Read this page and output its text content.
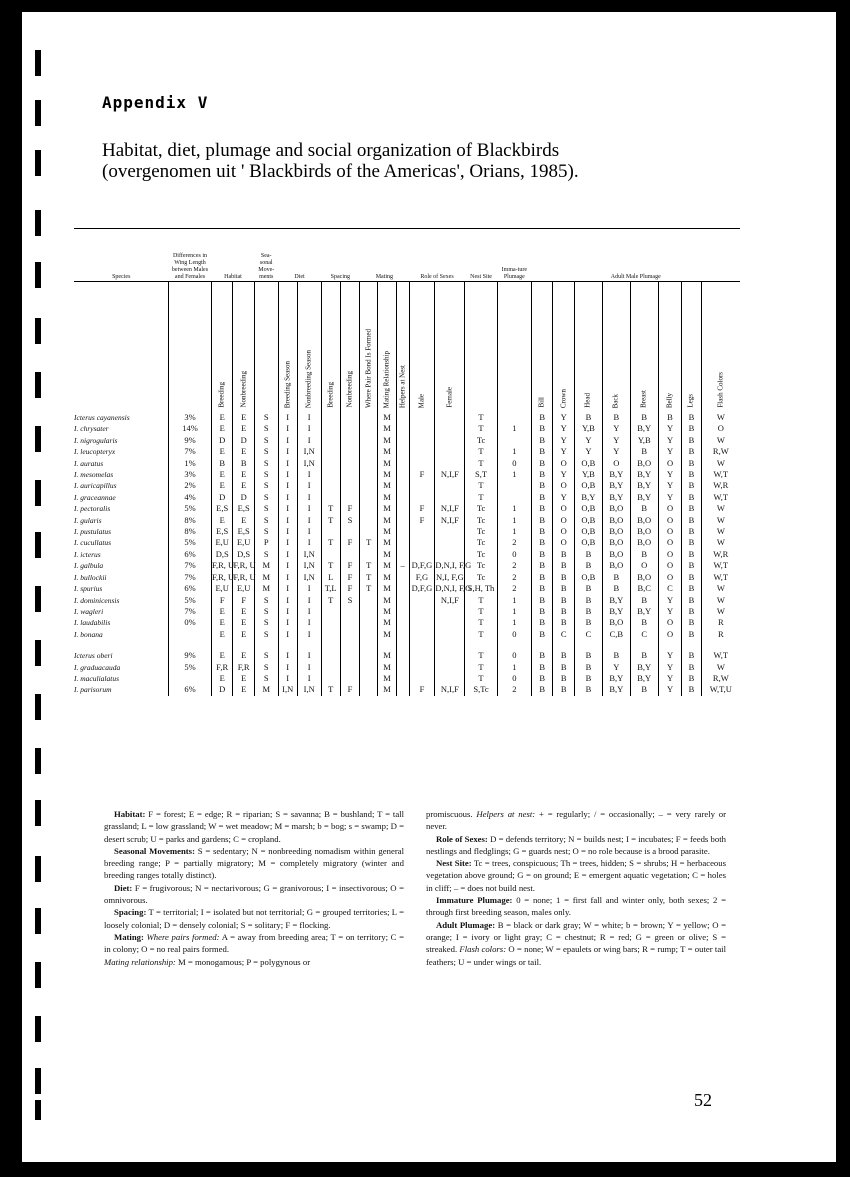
Appendix V
Habitat, diet, plumage and social organization of Blackbirds
(overgenomen uit ' Blackbirds of the Americas', Orians, 1985).
Species	Differences in Wing Length between Males and Females	Habitat		Sea-sonal Move-ments	Diet		Spacing		Mating			Role of Sexes		Nest Site	Imma-ture Plumage	Adult Male Plumage							

		Breeding	Nonbreeding		Breeding Season	Nonbreeding Season	Breeding	Nonbreeding	Where Pair Bond Is Formed	Mating Relationship	Helpers at Nest	Male	Female			Bill	Crown	Head	Back	Breast	Belly	Legs	Flash Colors

Icterus cayanensis	3%	E	E	S	I	I				M				T		B	Y	B	B	B	B	B	W
I. chrysater	14%	E	E	S	I	I				M				T	1	B	Y	Y,B	Y	B,Y	Y	B	O
I. nigrogularis	9%	D	D	S	I	I				M				Tc		B	Y	Y	Y	Y,B	Y	B	W
I. leucopteryx	7%	E	E	S	I	I,N				M				T	1	B	Y	Y	Y	B	Y	B	R,W
I. auratus	1%	B	B	S	I	I,N				M				T	0	B	O	O,B	O	B,O	O	B	W
I. mesomelas	3%	E	E	S	I	I				M		F	N,I,F	S,T	1	B	Y	Y,B	B,Y	B,Y	Y	B	W,T
I. auricapillus	2%	E	E	S	I	I				M				T		B	O	O,B	B,Y	B,Y	Y	B	W,R
I. graceannae	4%	D	D	S	I	I				M				T		B	Y	B,Y	B,Y	B,Y	Y	B	W,T
I. pectoralis	5%	E,S	E,S	S	I	I	T	F		M		F	N,I,F	Tc	1	B	O	O,B	B,O	B	O	B	W
I. gularis	8%	E	E	S	I	I	T	S		M		F	N,I,F	Tc	1	B	O	O,B	B,O	B,O	O	B	W
I. pustulatus	8%	E,S	E,S	S	I	I				M				Tc	1	B	O	O,B	B,O	B,O	O	B	W
I. cucullatus	5%	E,U	E,U	P	I	I	T	F	T	M				Tc	2	B	O	O,B	B,O	B,O	O	B	W
I. icterus	6%	D,S	D,S	S	I	I,N				M				Tc	0	B	B	B	B,O	B	O	B	W,R
I. galbula	7%	F,R, U	F,R, U	M	I	I,N	T	F	T	M	–	D,F,G	D,N,I, F,G	Tc	2	B	B	B	B,O	O	O	B	W,T
I. bullockii	7%	F,R, U	F,R, U	M	I	I,N	L	F	T	M		F,G	N,I, F,G	Tc	2	B	B	O,B	B	B,O	O	B	W,T
I. spurius	6%	E,U	E,U	M	I	I	T,L	F	T	M		D,F,G	D,N,I, F,G	S,H, Th	2	B	B	B	B	B,C	C	B	W
I. dominicensis	5%	F	F	S	I	I	T	S		M			N,I,F	T	1	B	B	B	B,Y	B	Y	B	W
I. wagleri	7%	E	E	S	I	I				M				T	1	B	B	B	B,Y	B,Y	Y	B	W
I. laudabilis	0%	E	E	S	I	I				M				T	1	B	B	B	B,O	B	O	B	R
I. bonana		E	E	S	I	I				M				T	0	B	C	C	C,B	C	O	B	R

Icterus oberi	9%	E	E	S	I	I				M				T	0	B	B	B	B	B	Y	B	W,T
I. graduacauda	5%	F,R	F,R	S	I	I				M				T	1	B	B	B	Y	B,Y	Y	B	W
I. maculialatus		E	E	S	I	I				M				T	0	B	B	B	B,Y	B,Y	Y	B	R,W
I. parisorum	6%	D	E	M	I,N	I,N	T	F		M		F	N,I,F	S,Tc	2	B	B	B	B,Y	B	Y	B	W,T,U

Habitat: F = forest; E = edge; R = riparian; S = savanna; B = bushland; T = tall grassland; L = low grassland; W = wet meadow; M = marsh; b = bog; s = swamp; D = desert scrub; U = parks and gardens; C = cropland.

Seasonal Movements: S = sedentary; N = nonbreeding nomadism within general breeding range; P = partially migratory; M = completely migratory (winter and breeding ranges totally distinct).

Diet: F = frugivorous; N = nectarivorous; G = granivorous; I = insectivorous; O = omnivorous.

Spacing: T = territorial; I = isolated but not territorial; G = grouped territories; L = loosely colonial; D = densely colonial; S = solitary; F = flocking.

Mating: Where pairs formed: A = away from breeding area; T = on territory; C = in colony; O = no real pairs formed.

Mating relationship: M = monogamous; P = polygynous or

promiscuous. Helpers at nest: + = regularly; / = occasionally; – = very rarely or never.

Role of Sexes: D = defends territory; N = builds nest; I = incubates; F = feeds both nestlings and fledglings; G = guards nest; O = no role because is a brood parasite.

Nest Site: Tc = trees, conspicuous; Th = trees, hidden; S = shrubs; H = herbaceous vegetation above ground; G = on ground; E = emergent aquatic vegetation; C = holes in cliff; – = does not build nest.

Immature Plumage: 0 = none; 1 = first fall and winter only, both sexes; 2 = through first breeding season, males only.

Adult Plumage: B = black or dark gray; W = white; b = brown; Y = yellow; O = orange; I = ivory or light gray; C = chestnut; R = red; G = green or olive; S = streaked. Flash colors: O = none; W = epaulets or wing bars; R = rump; T = outer tail feathers; U = under wings or tail.

52
